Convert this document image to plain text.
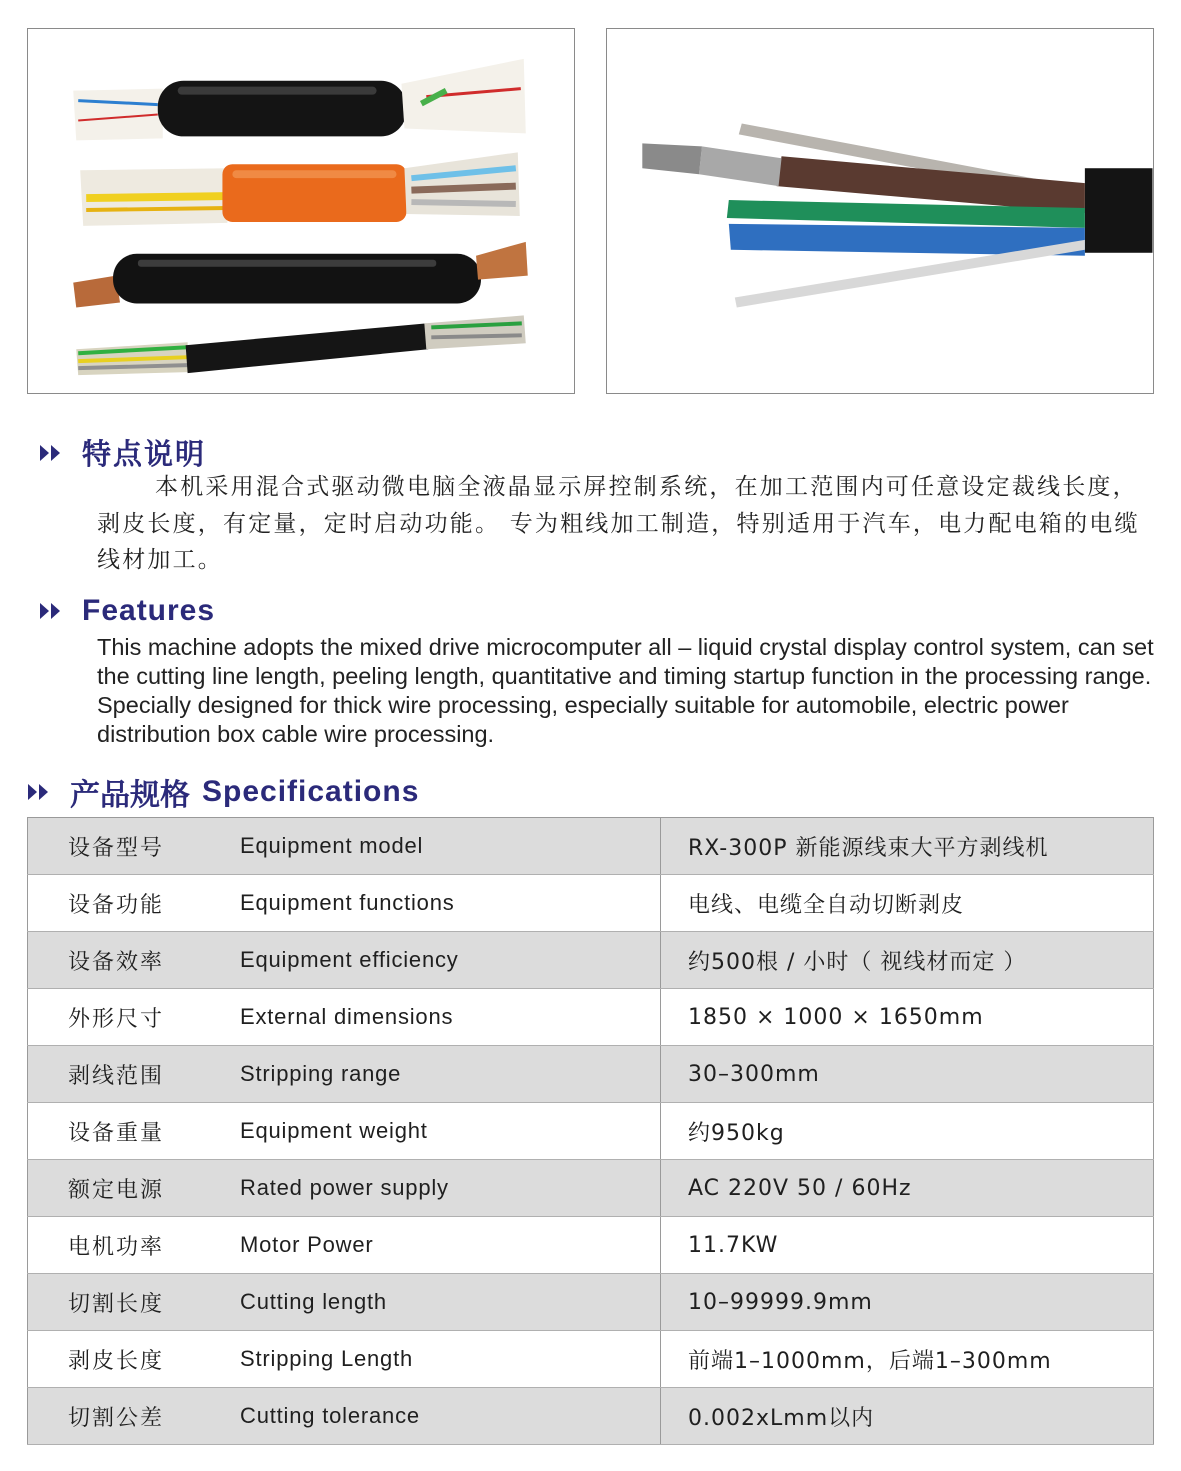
特点说明

本机采用混合式驱动微电脑全液晶显示屏控制系统，在加工范围内可任意设定裁线长度，剥皮长度，有定量，定时启动功能。 专为粗线加工制造，特别适用于汽车，电力配电箱的电缆线材加工。

Features

This machine adopts the mixed drive microcomputer all – liquid crystal display control system, can set the cutting line length, peeling length, quantitative and timing startup function in the processing range. Specially designed for thick wire processing, especially suitable for automobile, electric power distribution box cable wire processing.

产品规格 Specifications
设备型号	Equipment model	RX-300P 新能源线束大平方剥线机
设备功能	Equipment functions	电线、电缆全自动切断剥皮
设备效率	Equipment efficiency	约500根 / 小时（ 视线材而定 ）
外形尺寸	External dimensions	1850 × 1000 × 1650mm
剥线范围	Stripping range	30–300mm
设备重量	Equipment weight	约950kg
额定电源	Rated power supply	AC 220V 50 / 60Hz
电机功率	Motor Power	11.7KW
切割长度	Cutting length	10–99999.9mm
剥皮长度	Stripping Length	前端1–1000mm，后端1–300mm
切割公差	Cutting tolerance	0.002xLmm以内
